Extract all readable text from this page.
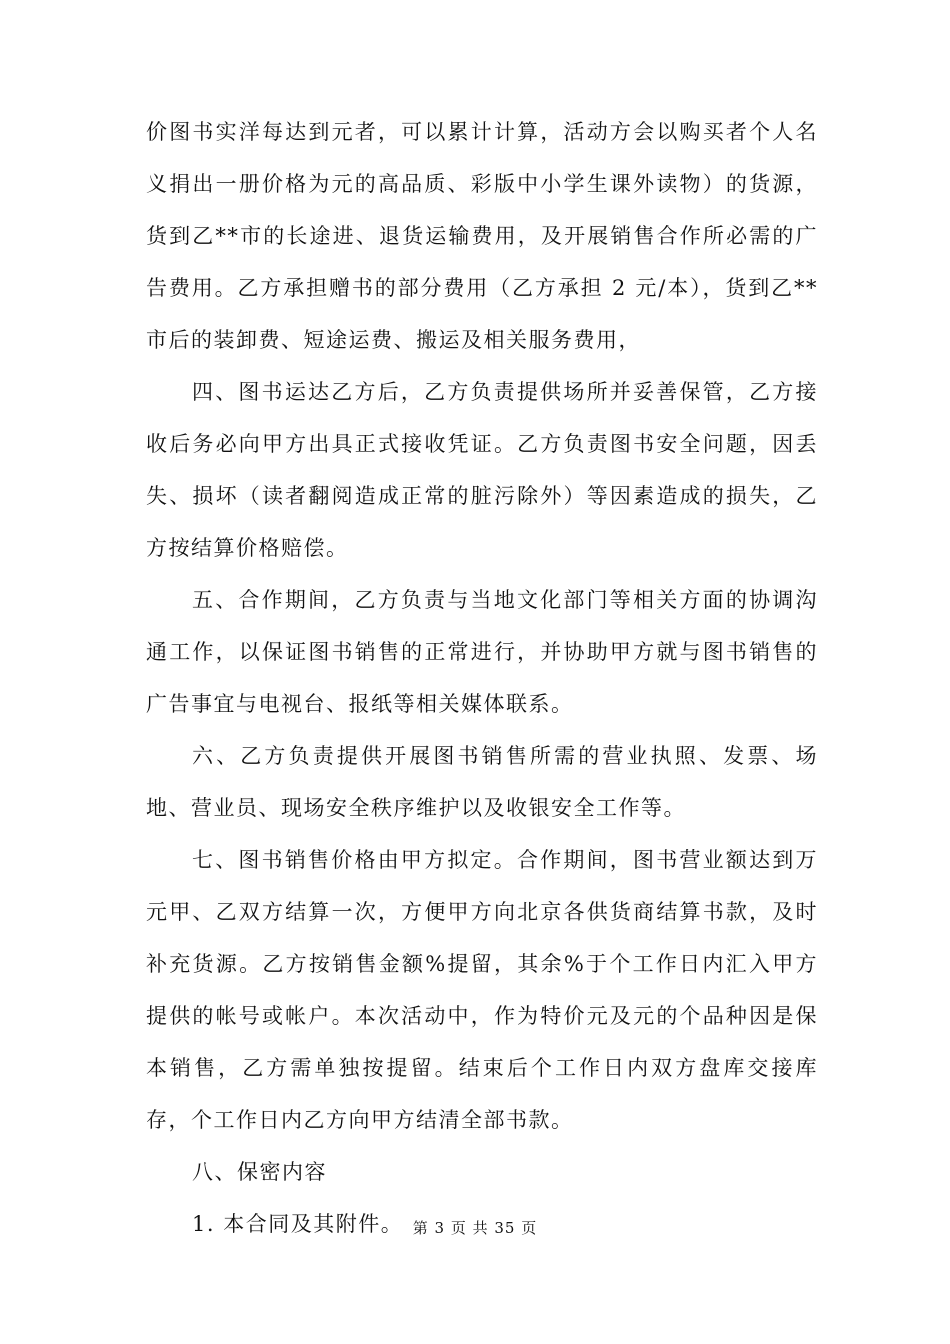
价图书实洋每达到元者，可以累计计算，活动方会以购买者个人名义捐出一册价格为元的高品质、彩版中小学生课外读物）的货源，货到乙**市的长途进、退货运输费用，及开展销售合作所必需的广告费用。乙方承担赠书的部分费用（乙方承担 2 元/本），货到乙**市后的装卸费、短途运费、搬运及相关服务费用，

四、图书运达乙方后，乙方负责提供场所并妥善保管，乙方接收后务必向甲方出具正式接收凭证。乙方负责图书安全问题，因丢失、损坏（读者翻阅造成正常的脏污除外）等因素造成的损失，乙方按结算价格赔偿。

五、合作期间，乙方负责与当地文化部门等相关方面的协调沟通工作，以保证图书销售的正常进行，并协助甲方就与图书销售的广告事宜与电视台、报纸等相关媒体联系。

六、乙方负责提供开展图书销售所需的营业执照、发票、场地、营业员、现场安全秩序维护以及收银安全工作等。

七、图书销售价格由甲方拟定。合作期间，图书营业额达到万元甲、乙双方结算一次，方便甲方向北京各供货商结算书款，及时补充货源。乙方按销售金额%提留，其余%于个工作日内汇入甲方提供的帐号或帐户。本次活动中，作为特价元及元的个品种因是保本销售，乙方需单独按提留。结束后个工作日内双方盘库交接库存，个工作日内乙方向甲方结清全部书款。

八、保密内容

1. 本合同及其附件。 第 3 页 共 35 页
